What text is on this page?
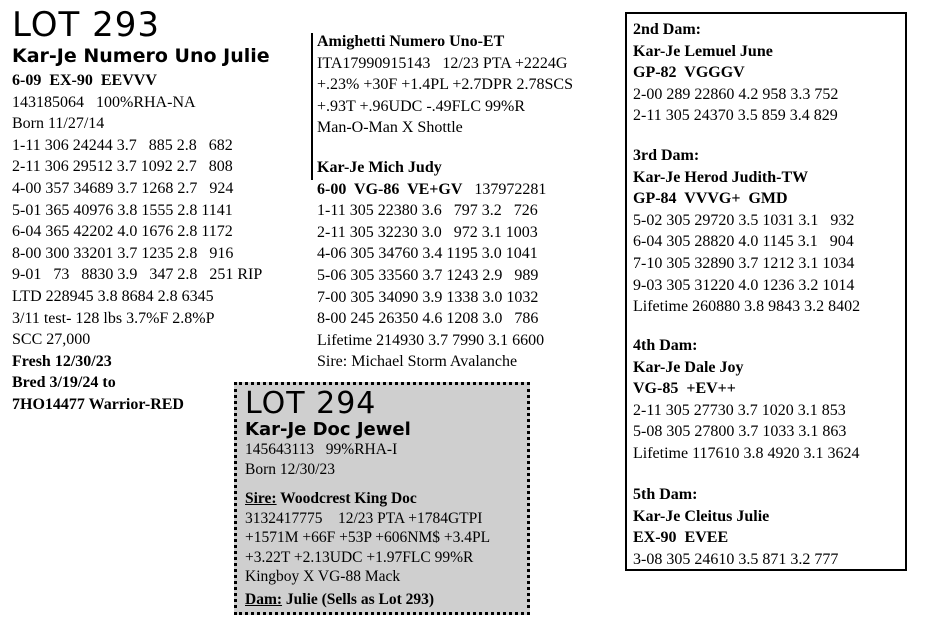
LOT 293
Kar-Je Numero Uno Julie
6-09  EX-90  EEVVV
143185064   100%RHA-NA
Born 11/27/14
1-11 306 24244 3.7   885 2.8   682
2-11 306 29512 3.7 1092 2.7   808
4-00 357 34689 3.7 1268 2.7   924
5-01 365 40976 3.8 1555 2.8 1141
6-04 365 42202 4.0 1676 2.8 1172
8-00 300 33201 3.7 1235 2.8   916
9-01   73   8830 3.9   347 2.8   251 RIP
LTD 228945 3.8 8684 2.8 6345
3/11 test- 128 lbs 3.7%F 2.8%P
SCC 27,000
Fresh 12/30/23
Bred 3/19/24 to
7HO14477 Warrior-RED
Amighetti Numero Uno-ET
ITA17990915143   12/23 PTA +2224G
+.23% +30F +1.4PL +2.7DPR 2.78SCS
+.93T +.96UDC -.49FLC 99%R
Man-O-Man X Shottle
Kar-Je Mich Judy
6-00  VG-86  VE+GV 137972281
1-11 305 22380 3.6   797 3.2   726
2-11 305 32230 3.0   972 3.1 1003
4-06 305 34760 3.4 1195 3.0 1041
5-06 305 33560 3.7 1243 2.9   989
7-00 305 34090 3.9 1338 3.0 1032
8-00 245 26350 4.6 1208 3.0   786
Lifetime 214930 3.7 7990 3.1 6600
Sire: Michael Storm Avalanche
LOT 294
Kar-Je Doc Jewel
145643113   99%RHA-I
Born 12/30/23
Sire: Woodcrest King Doc
3132417775    12/23 PTA +1784GTPI
+1571M +66F +53P +606NM$ +3.4PL
+3.22T +2.13UDC +1.97FLC 99%R
Kingboy X VG-88 Mack
Dam: Julie (Sells as Lot 293)
2nd Dam:
Kar-Je Lemuel June
GP-82  VGGGV
2-00 289 22860 4.2 958 3.3 752
2-11 305 24370 3.5 859 3.4 829
3rd Dam:
Kar-Je Herod Judith-TW
GP-84  VVVG+  GMD
5-02 305 29720 3.5 1031 3.1   932
6-04 305 28820 4.0 1145 3.1   904
7-10 305 32890 3.7 1212 3.1 1034
9-03 305 31220 4.0 1236 3.2 1014
Lifetime 260880 3.8 9843 3.2 8402
4th Dam:
Kar-Je Dale Joy
VG-85  +EV++
2-11 305 27730 3.7 1020 3.1 853
5-08 305 27800 3.7 1033 3.1 863
Lifetime 117610 3.8 4920 3.1 3624
5th Dam:
Kar-Je Cleitus Julie
EX-90  EVEE
3-08 305 24610 3.5 871 3.2 777
